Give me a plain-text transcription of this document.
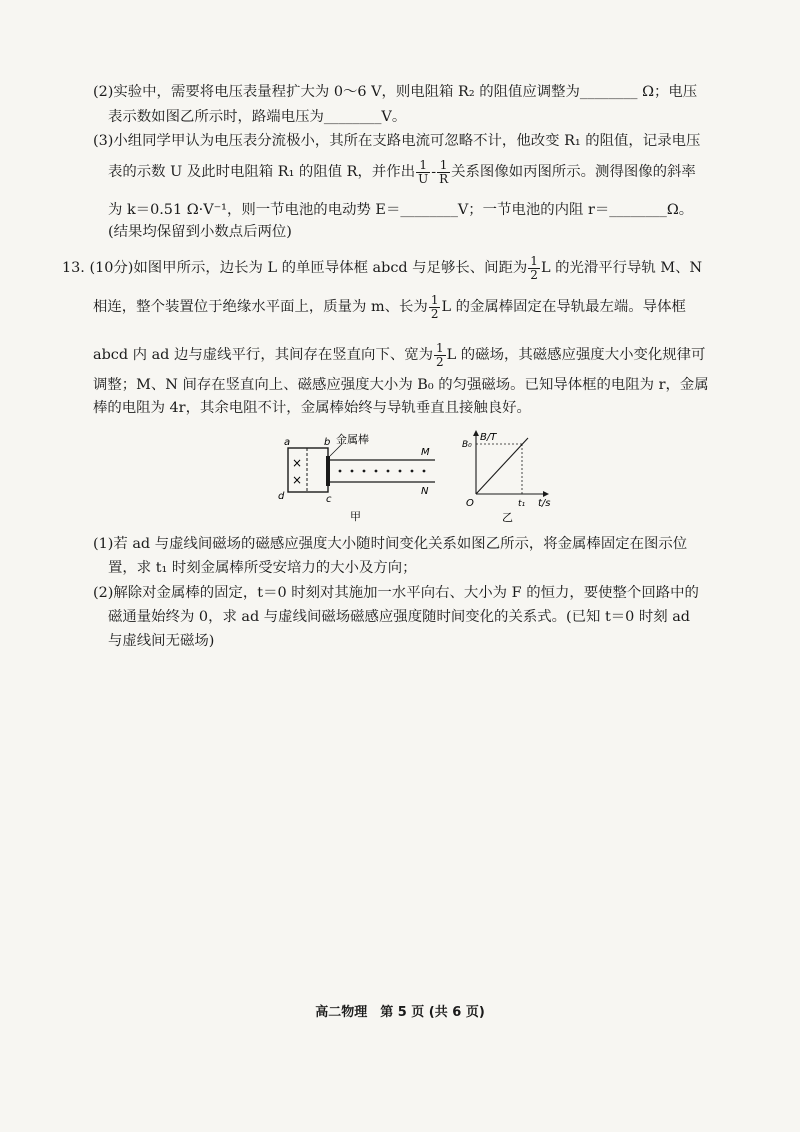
(2)实验中，需要将电压表量程扩大为 0～6 V，则电阻箱 R₂ 的阻值应调整为________ Ω；电压
表示数如图乙所示时，路端电压为________V。
(3)小组同学甲认为电压表分流极小，其所在支路电流可忽略不计，他改变 R₁ 的阻值，记录电压
表的示数 U 及此时电阻箱 R₁ 的阻值 R，并作出 $\frac{1}{U} - \frac{1}{R}$ 关系图像如丙图所示。测得图像的斜率
为 k＝0.51 Ω·V⁻¹，则一节电池的电动势 E＝________V；一节电池的内阻 r＝________Ω。
(结果均保留到小数点后两位)
13. (10分)如图甲所示，边长为 L 的单匝导体框 abcd 与足够长、间距为 $\frac{1}{2}$ L 的光滑平行导轨 M、N
相连，整个装置位于绝缘水平面上，质量为 m、长为 $\frac{1}{2}$ L 的金属棒固定在导轨最左端。导体框
abcd 内 ad 边与虚线平行，其间存在竖直向下、宽为 $\frac{1}{2}$ L 的磁场，其磁感应强度大小变化规律可
调整；M、N 间存在竖直向上、磁感应强度大小为 B₀ 的匀强磁场。已知导体框的电阻为 r，金属
棒的电阻为 4r，其余电阻不计，金属棒始终与导轨垂直且接触良好。
×
×
a	b 金属棒
d	c
M
N
甲
B/T
B₀
O	t₁ t/s
乙
(1)若 ad 与虚线间磁场的磁感应强度大小随时间变化关系如图乙所示，将金属棒固定在图示位
置，求 t₁ 时刻金属棒所受安培力的大小及方向；
(2)解除对金属棒的固定，t＝0 时刻对其施加一水平向右、大小为 F 的恒力，要使整个回路中的
磁通量始终为 0，求 ad 与虚线间磁场磁感应强度随时间变化的关系式。(已知 t＝0 时刻 ad
与虚线间无磁场)
高二物理　第 5 页 (共 6 页)
